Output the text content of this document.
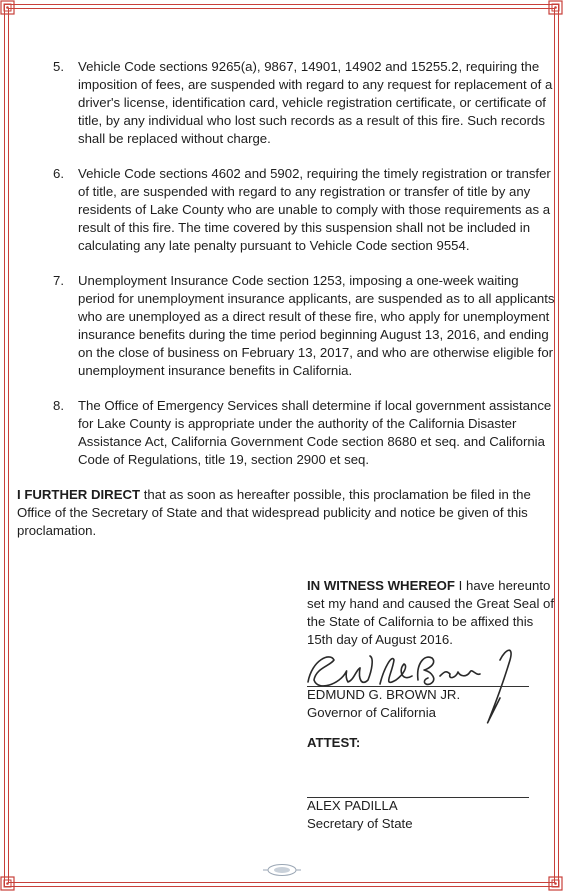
5.	Vehicle Code sections 9265(a), 9867, 14901, 14902 and 15255.2, requiring the imposition of fees, are suspended with regard to any request for replacement of a driver's license, identification card, vehicle registration certificate, or certificate of title, by any individual who lost such records as a result of this fire. Such records shall be replaced without charge.
6.	Vehicle Code sections 4602 and 5902, requiring the timely registration or transfer of title, are suspended with regard to any registration or transfer of title by any residents of Lake County who are unable to comply with those requirements as a result of this fire. The time covered by this suspension shall not be included in calculating any late penalty pursuant to Vehicle Code section 9554.
7.	Unemployment Insurance Code section 1253, imposing a one-week waiting period for unemployment insurance applicants, are suspended as to all applicants who are unemployed as a direct result of these fire, who apply for unemployment insurance benefits during the time period beginning August 13, 2016, and ending on the close of business on February 13, 2017, and who are otherwise eligible for unemployment insurance benefits in California.
8.	The Office of Emergency Services shall determine if local government assistance for Lake County is appropriate under the authority of the California Disaster Assistance Act, California Government Code section 8680 et seq. and California Code of Regulations, title 19, section 2900 et seq.

I FURTHER DIRECT that as soon as hereafter possible, this proclamation be filed in the Office of the Secretary of State and that widespread publicity and notice be given of this proclamation.

IN WITNESS WHEREOF I have hereunto set my hand and caused the Great Seal of the State of California to be affixed this 15th day of August 2016.
EDMUND G. BROWN JR.
Governor of California
ATTEST:
ALEX PADILLA
Secretary of State
